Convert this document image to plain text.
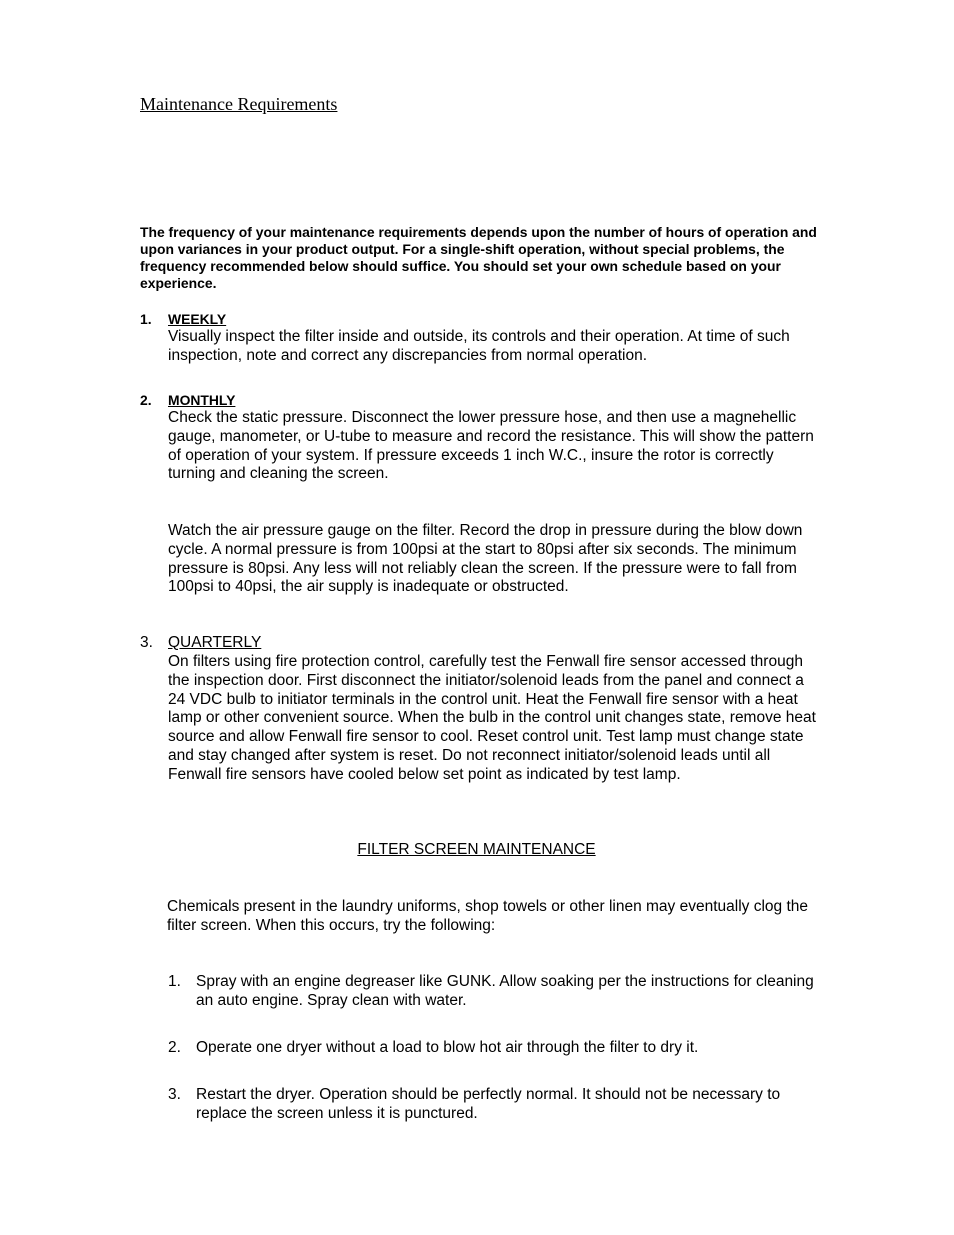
Maintenance Requirements
The frequency of your maintenance requirements depends upon the number of hours of operation and upon variances in your product output. For a single-shift operation, without special problems, the frequency recommended below should suffice. You should set your own schedule based on your experience.
1. WEEKLY
Visually inspect the filter inside and outside, its controls and their operation. At time of such inspection, note and correct any discrepancies from normal operation.
2. MONTHLY
Check the static pressure. Disconnect the lower pressure hose, and then use a magnehellic gauge, manometer, or U-tube to measure and record the resistance. This will show the pattern of operation of your system. If pressure exceeds 1 inch W.C., insure the rotor is correctly turning and cleaning the screen.
Watch the air pressure gauge on the filter. Record the drop in pressure during the blow down cycle. A normal pressure is from 100psi at the start to 80psi after six seconds. The minimum pressure is 80psi. Any less will not reliably clean the screen. If the pressure were to fall from 100psi to 40psi, the air supply is inadequate or obstructed.
3. QUARTERLY
On filters using fire protection control, carefully test the Fenwall fire sensor accessed through the inspection door. First disconnect the initiator/solenoid leads from the panel and connect a 24 VDC bulb to initiator terminals in the control unit. Heat the Fenwall fire sensor with a heat lamp or other convenient source. When the bulb in the control unit changes state, remove heat source and allow Fenwall fire sensor to cool. Reset control unit. Test lamp must change state and stay changed after system is reset. Do not reconnect initiator/solenoid leads until all Fenwall fire sensors have cooled below set point as indicated by test lamp.
FILTER SCREEN MAINTENANCE
Chemicals present in the laundry uniforms, shop towels or other linen may eventually clog the filter screen. When this occurs, try the following:
1. Spray with an engine degreaser like GUNK. Allow soaking per the instructions for cleaning an auto engine. Spray clean with water.
2. Operate one dryer without a load to blow hot air through the filter to dry it.
3. Restart the dryer. Operation should be perfectly normal. It should not be necessary to replace the screen unless it is punctured.
